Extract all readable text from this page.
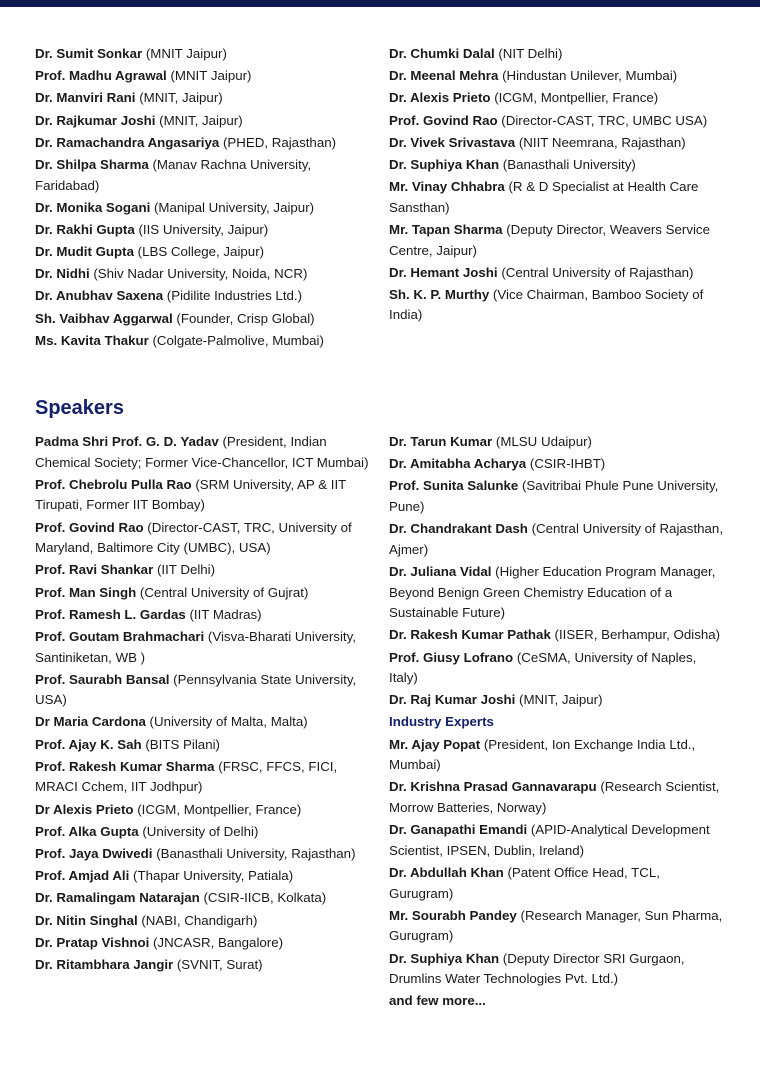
Dr. Sumit Sonkar (MNIT Jaipur)
Prof. Madhu Agrawal (MNIT Jaipur)
Dr. Manviri Rani (MNIT, Jaipur)
Dr. Rajkumar Joshi (MNIT, Jaipur)
Dr. Ramachandra Angasariya (PHED, Rajasthan)
Dr. Shilpa Sharma (Manav Rachna University, Faridabad)
Dr. Monika Sogani (Manipal University, Jaipur)
Dr. Rakhi Gupta (IIS University, Jaipur)
Dr. Mudit Gupta (LBS College, Jaipur)
Dr. Nidhi (Shiv Nadar University, Noida, NCR)
Dr. Anubhav Saxena (Pidilite Industries Ltd.)
Sh. Vaibhav Aggarwal (Founder, Crisp Global)
Ms. Kavita Thakur (Colgate-Palmolive, Mumbai)
Dr. Chumki Dalal (NIT Delhi)
Dr. Meenal Mehra (Hindustan Unilever, Mumbai)
Dr. Alexis Prieto (ICGM, Montpellier, France)
Prof. Govind Rao (Director-CAST, TRC, UMBC USA)
Dr. Vivek Srivastava (NIIT Neemrana, Rajasthan)
Dr. Suphiya Khan (Banasthali University)
Mr. Vinay Chhabra (R & D Specialist at Health Care Sansthan)
Mr. Tapan Sharma (Deputy Director, Weavers Service Centre, Jaipur)
Dr. Hemant Joshi (Central University of Rajasthan)
Sh. K. P. Murthy (Vice Chairman, Bamboo Society of India)
Speakers
Padma Shri Prof. G. D. Yadav (President, Indian Chemical Society; Former Vice-Chancellor, ICT Mumbai)
Prof. Chebrolu Pulla Rao (SRM University, AP & IIT Tirupati, Former IIT Bombay)
Prof. Govind Rao (Director-CAST, TRC, University of Maryland, Baltimore City (UMBC), USA)
Prof. Ravi Shankar (IIT Delhi)
Prof. Man Singh (Central University of Gujrat)
Prof. Ramesh L. Gardas (IIT Madras)
Prof. Goutam Brahmachari (Visva-Bharati University, Santiniketan, WB )
Prof. Saurabh Bansal (Pennsylvania State University, USA)
Dr Maria Cardona (University of Malta, Malta)
Prof. Ajay K. Sah (BITS Pilani)
Prof. Rakesh Kumar Sharma (FRSC, FFCS, FICI, MRACI Cchem, IIT Jodhpur)
Dr Alexis Prieto (ICGM, Montpellier, France)
Prof. Alka Gupta (University of Delhi)
Prof. Jaya Dwivedi (Banasthali University, Rajasthan)
Prof. Amjad Ali (Thapar University, Patiala)
Dr. Ramalingam Natarajan (CSIR-IICB, Kolkata)
Dr. Nitin Singhal (NABI, Chandigarh)
Dr. Pratap Vishnoi (JNCASR, Bangalore)
Dr. Ritambhara Jangir (SVNIT, Surat)
Dr. Tarun Kumar (MLSU Udaipur)
Dr. Amitabha Acharya (CSIR-IHBT)
Prof. Sunita Salunke (Savitribai Phule Pune University, Pune)
Dr. Chandrakant Dash (Central University of Rajasthan, Ajmer)
Dr. Juliana Vidal (Higher Education Program Manager, Beyond Benign Green Chemistry Education of a Sustainable Future)
Dr. Rakesh Kumar Pathak (IISER, Berhampur, Odisha)
Prof. Giusy Lofrano (CeSMA, University of Naples, Italy)
Dr. Raj Kumar Joshi (MNIT, Jaipur)
Industry Experts
Mr. Ajay Popat (President, Ion Exchange India Ltd., Mumbai)
Dr. Krishna Prasad Gannavarapu (Research Scientist, Morrow Batteries, Norway)
Dr. Ganapathi Emandi (APID-Analytical Development Scientist, IPSEN, Dublin, Ireland)
Dr. Abdullah Khan (Patent Office Head, TCL, Gurugram)
Mr. Sourabh Pandey (Research Manager, Sun Pharma, Gurugram)
Dr. Suphiya Khan (Deputy Director SRI Gurgaon, Drumlins Water Technologies Pvt. Ltd.)
and few more...
